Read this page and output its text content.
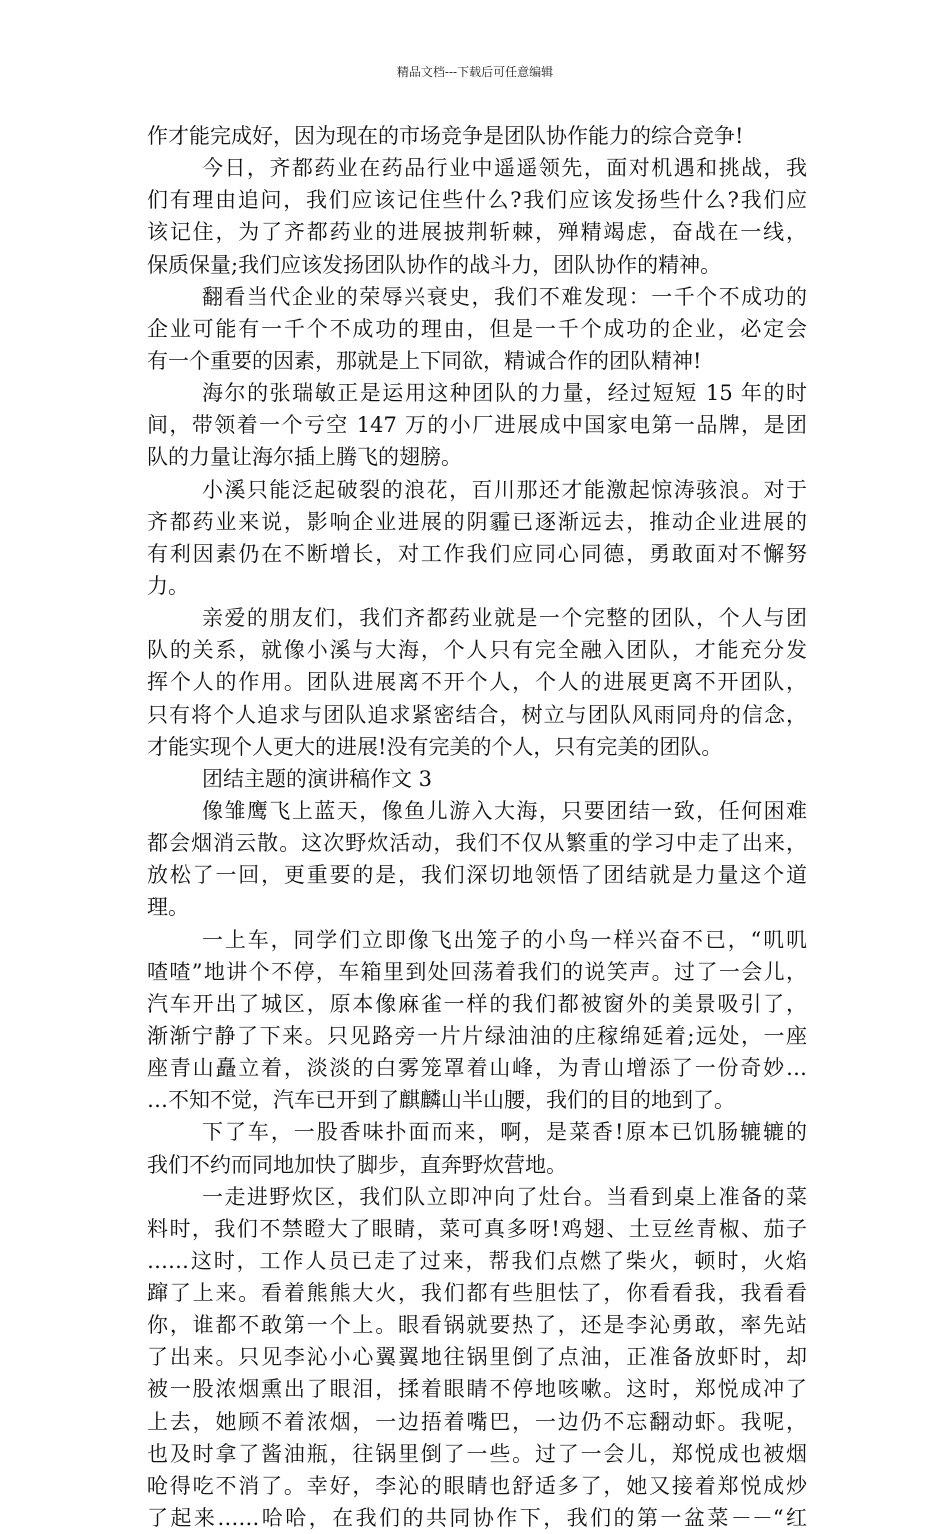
精品文档---下载后可任意编辑
作才能完成好，因为现在的市场竞争是团队协作能力的综合竞争!
今日，齐都药业在药品行业中遥遥领先，面对机遇和挑战，我
们有理由追问，我们应该记住些什么?我们应该发扬些什么?我们应
该记住，为了齐都药业的进展披荆斩棘，殚精竭虑，奋战在一线，
保质保量;我们应该发扬团队协作的战斗力，团队协作的精神。
翻看当代企业的荣辱兴衰史，我们不难发现：一千个不成功的
企业可能有一千个不成功的理由，但是一千个成功的企业，必定会
有一个重要的因素，那就是上下同欲，精诚合作的团队精神!
海尔的张瑞敏正是运用这种团队的力量，经过短短 15 年的时
间，带领着一个亏空 147 万的小厂进展成中国家电第一品牌，是团
队的力量让海尔插上腾飞的翅膀。
小溪只能泛起破裂的浪花，百川那还才能激起惊涛骇浪。对于
齐都药业来说，影响企业进展的阴霾已逐渐远去，推动企业进展的
有利因素仍在不断增长，对工作我们应同心同德，勇敢面对不懈努
力。
亲爱的朋友们，我们齐都药业就是一个完整的团队，个人与团
队的关系，就像小溪与大海，个人只有完全融入团队，才能充分发
挥个人的作用。团队进展离不开个人，个人的进展更离不开团队，
只有将个人追求与团队追求紧密结合，树立与团队风雨同舟的信念，
才能实现个人更大的进展!没有完美的个人，只有完美的团队。
团结主题的演讲稿作文 3
像雏鹰飞上蓝天，像鱼儿游入大海，只要团结一致，任何困难
都会烟消云散。这次野炊活动，我们不仅从繁重的学习中走了出来，
放松了一回，更重要的是，我们深切地领悟了团结就是力量这个道
理。
一上车，同学们立即像飞出笼子的小鸟一样兴奋不已，“叽叽
喳喳”地讲个不停，车箱里到处回荡着我们的说笑声。过了一会儿，
汽车开出了城区，原本像麻雀一样的我们都被窗外的美景吸引了，
渐渐宁静了下来。只见路旁一片片绿油油的庄稼绵延着;远处，一座
座青山矗立着，淡淡的白雾笼罩着山峰，为青山增添了一份奇妙…
…不知不觉，汽车已开到了麒麟山半山腰，我们的目的地到了。
下了车，一股香味扑面而来，啊，是菜香!原本已饥肠辘辘的
我们不约而同地加快了脚步，直奔野炊营地。
一走进野炊区，我们队立即冲向了灶台。当看到桌上准备的菜
料时，我们不禁瞪大了眼睛，菜可真多呀!鸡翅、土豆丝青椒、茄子
……这时，工作人员已走了过来，帮我们点燃了柴火，顿时，火焰
蹿了上来。看着熊熊大火，我们都有些胆怯了，你看看我，我看看
你，谁都不敢第一个上。眼看锅就要热了，还是李沁勇敢，率先站
了出来。只见李沁小心翼翼地往锅里倒了点油，正准备放虾时，却
被一股浓烟熏出了眼泪，揉着眼睛不停地咳嗽。这时，郑悦成冲了
上去，她顾不着浓烟，一边捂着嘴巴，一边仍不忘翻动虾。我呢，
也及时拿了酱油瓶，往锅里倒了一些。过了一会儿，郑悦成也被烟
呛得吃不消了。幸好，李沁的眼睛也舒适多了，她又接着郑悦成炒
了起来……哈哈，在我们的共同协作下，我们的第一盆菜－－“红
